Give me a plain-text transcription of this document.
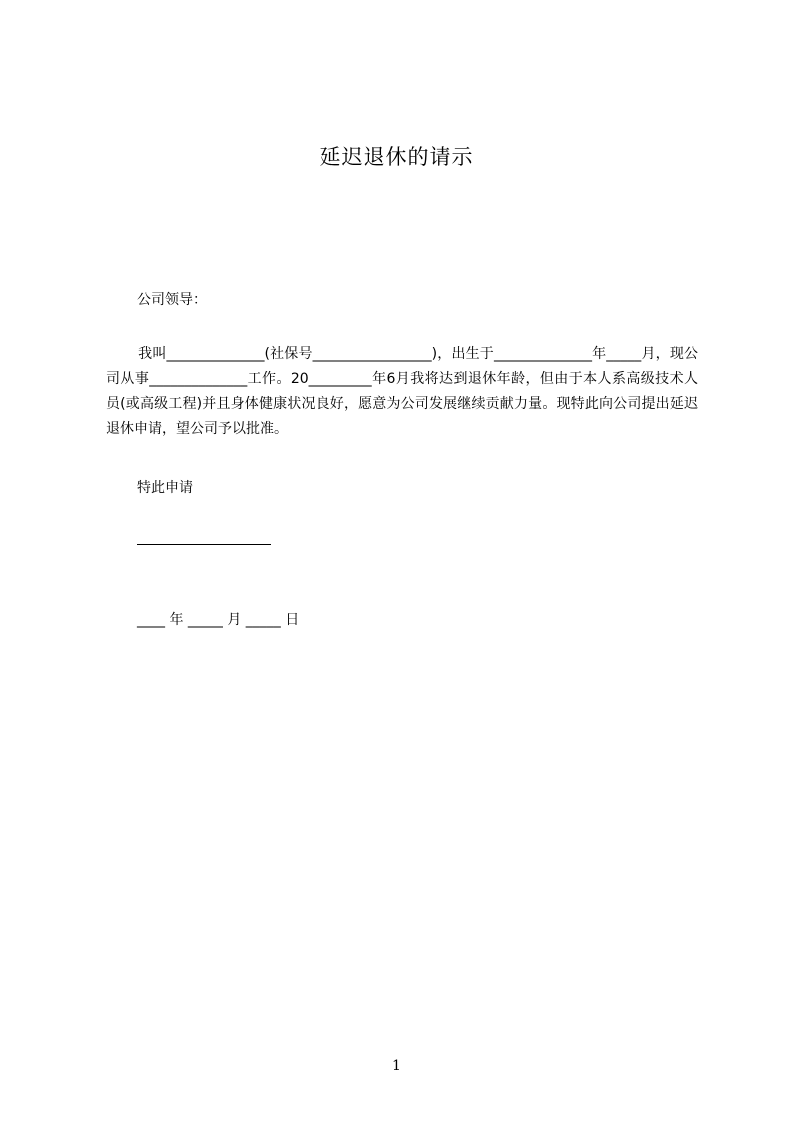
延迟退休的请示
公司领导：
我叫______________(社保号_________________)，出生于______________年_____月，现公司从事______________工作。20_________年6月我将达到退休年龄，但由于本人系高级技术人员(或高级工程)并且身体健康状况良好，愿意为公司发展继续贡献力量。现特此向公司提出延迟退休申请，望公司予以批准。
特此申请
____ 年 _____ 月 _____ 日
1
